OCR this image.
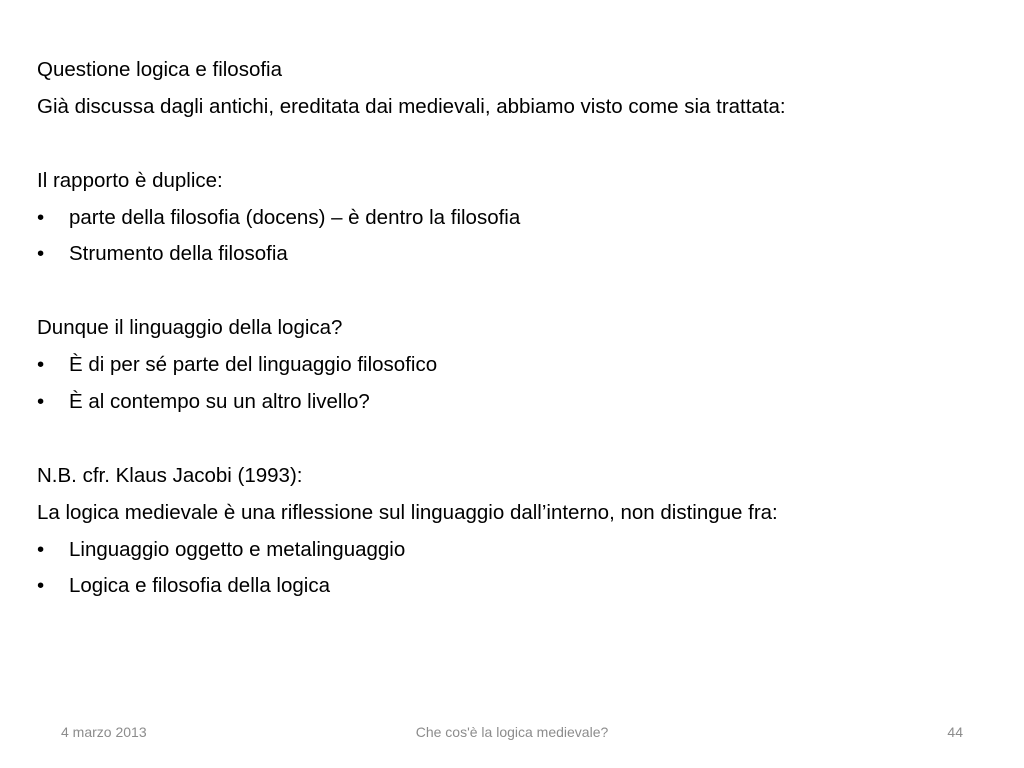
Questione logica e filosofia
Già discussa dagli antichi, ereditata dai medievali, abbiamo visto come sia trattata:
Il rapporto è duplice:
•	parte della filosofia (docens) – è dentro la filosofia
•	Strumento della filosofia
Dunque il linguaggio della logica?
•	È di per sé parte del linguaggio filosofico
•	È al contempo su un altro livello?
N.B. cfr. Klaus Jacobi (1993):
La logica medievale è una riflessione sul linguaggio dall’interno, non distingue fra:
•	Linguaggio oggetto e metalinguaggio
•	Logica e filosofia della logica
4 marzo 2013	Che cos'è la logica medievale?	44
